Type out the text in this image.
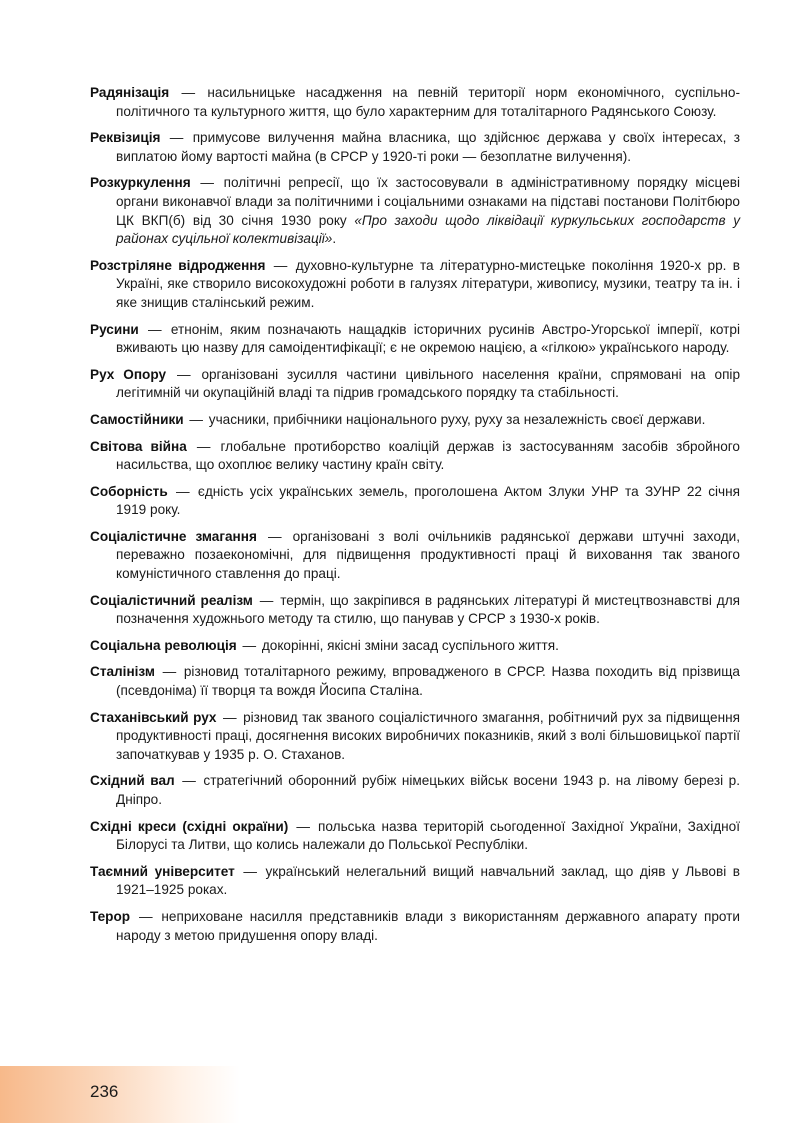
Радянізація — насильницьке насадження на певній території норм економічного, суспільно-політичного та культурного життя, що було характерним для тоталітарного Радянського Союзу.

Реквізиція — примусове вилучення майна власника, що здійснює держава у своїх інтересах, з виплатою йому вартості майна (в СРСР у 1920-ті роки — безоплатне вилучення).

Розкуркулення — політичні репресії, що їх застосовували в адміністративному порядку місцеві органи виконавчої влади за політичними і соціальними ознаками на підставі постанови Політбюро ЦК ВКП(б) від 30 січня 1930 року «Про заходи щодо ліквідації куркульських господарств у районах суцільної колективізації».

Розстріляне відродження — духовно-культурне та літературно-мистецьке покоління 1920-х рр. в Україні, яке створило високохудожні роботи в галузях літератури, живопису, музики, театру та ін. і яке знищив сталінський режим.

Русини — етнонім, яким позначають нащадків історичних русинів Австро-Угорської імперії, котрі вживають цю назву для самоідентифікації; є не окремою нацією, а «гілкою» українського народу.

Рух Опору — організовані зусилля частини цивільного населення країни, спрямовані на опір легітимній чи окупаційній владі та підрив громадського порядку та стабільності.

Самостійники — учасники, прибічники національного руху, руху за незалежність своєї держави.

Світова війна — глобальне протиборство коаліцій держав із застосуванням засобів збройного насильства, що охоплює велику частину країн світу.

Соборність — єдність усіх українських земель, проголошена Актом Злуки УНР та ЗУНР 22 січня 1919 року.

Соціалістичне змагання — організовані з волі очільників радянської держави штучні заходи, переважно позаекономічні, для підвищення продуктивності праці й виховання так званого комуністичного ставлення до праці.

Соціалістичний реалізм — термін, що закріпився в радянських літературі й мистецтвознавстві для позначення художнього методу та стилю, що панував у СРСР з 1930-х років.

Соціальна революція — докорінні, якісні зміни засад суспільного життя.

Сталінізм — різновид тоталітарного режиму, впровадженого в СРСР. Назва походить від прізвища (псевдоніма) її творця та вождя Йосипа Сталіна.

Стаханівський рух — різновид так званого соціалістичного змагання, робітничий рух за підвищення продуктивності праці, досягнення високих виробничих показників, який з волі більшовицької партії започаткував у 1935 р. О. Стаханов.

Східний вал — стратегічний оборонний рубіж німецьких військ восени 1943 р. на лівому березі р. Дніпро.

Східні креси (східні окраїни) — польська назва територій сьогоденної Західної України, Західної Білорусі та Литви, що колись належали до Польської Республіки.

Таємний університет — український нелегальний вищий навчальний заклад, що діяв у Львові в 1921–1925 роках.

Терор — неприховане насилля представників влади з використанням державного апарату проти народу з метою придушення опору владі.

236
